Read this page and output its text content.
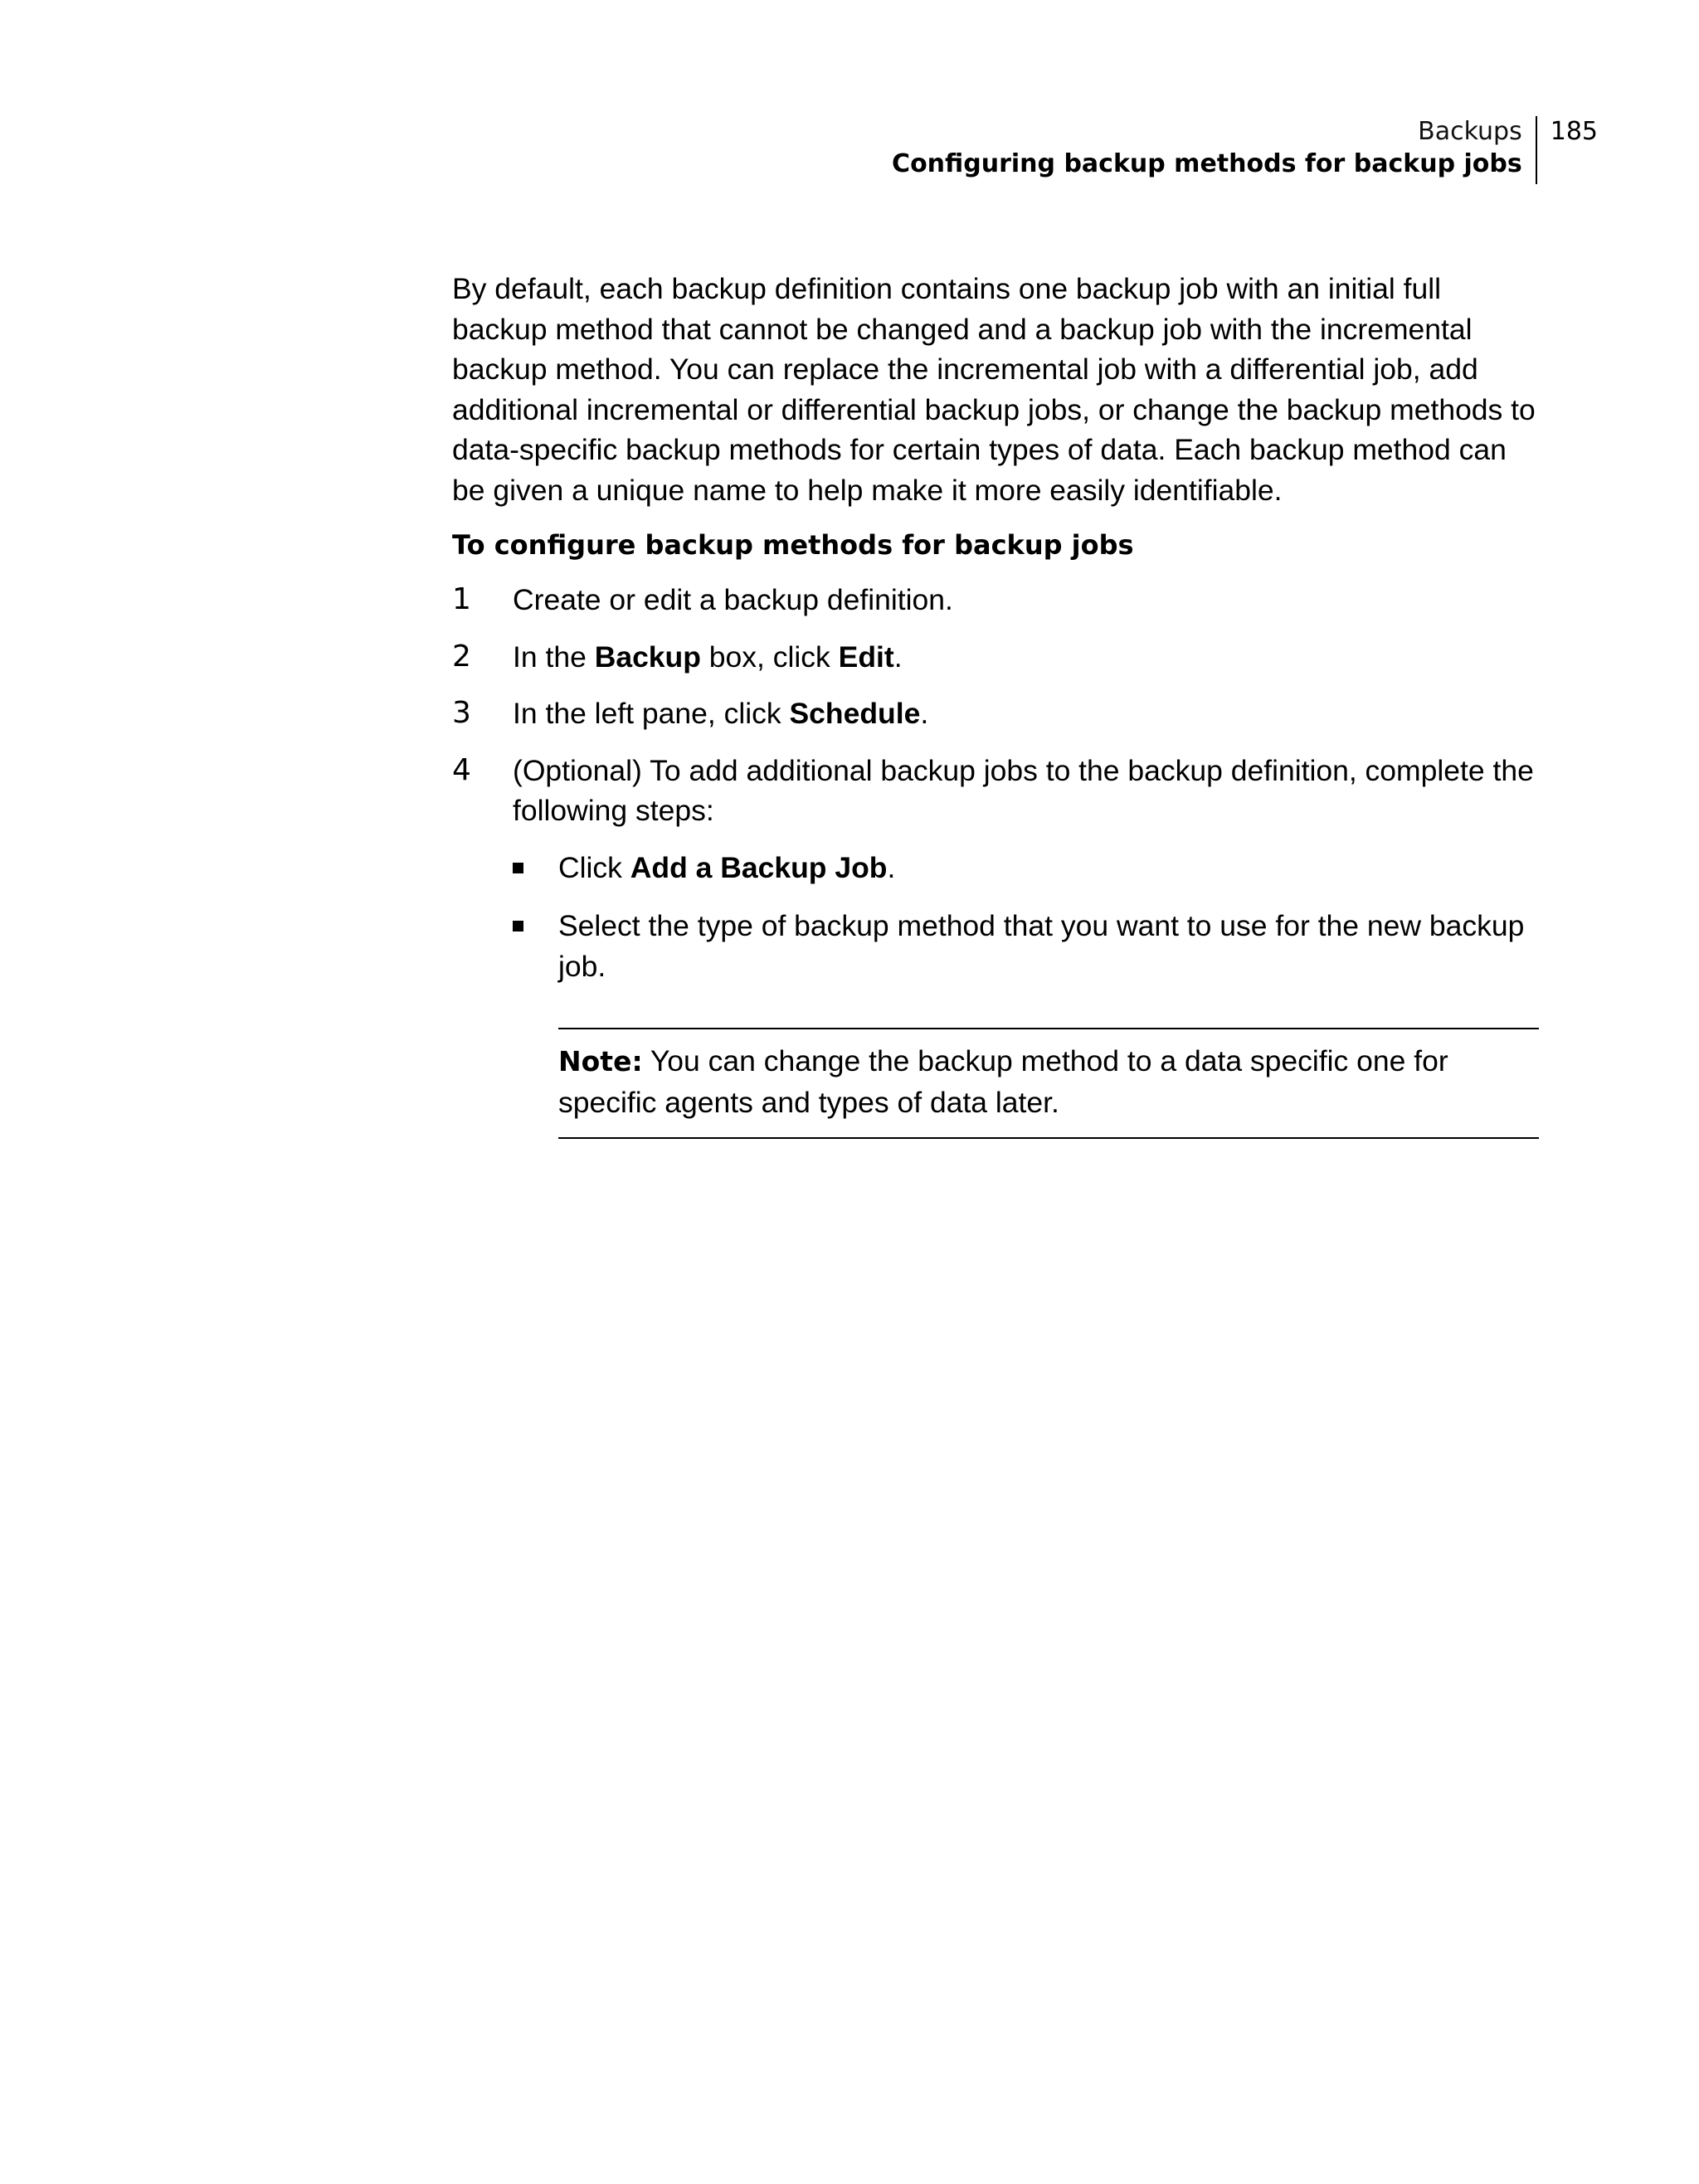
Backups
Configuring backup methods for backup jobs
185

By default, each backup definition contains one backup job with an initial full backup method that cannot be changed and a backup job with the incremental backup method. You can replace the incremental job with a differential job, add additional incremental or differential backup jobs, or change the backup methods to data-specific backup methods for certain types of data. Each backup method can be given a unique name to help make it more easily identifiable.

To configure backup methods for backup jobs
1 Create or edit a backup definition.
2 In the Backup box, click Edit.
3 In the left pane, click Schedule.
4 (Optional) To add additional backup jobs to the backup definition, complete the following steps:
Click Add a Backup Job.
Select the type of backup method that you want to use for the new backup job.
Note: You can change the backup method to a data specific one for specific agents and types of data later.
